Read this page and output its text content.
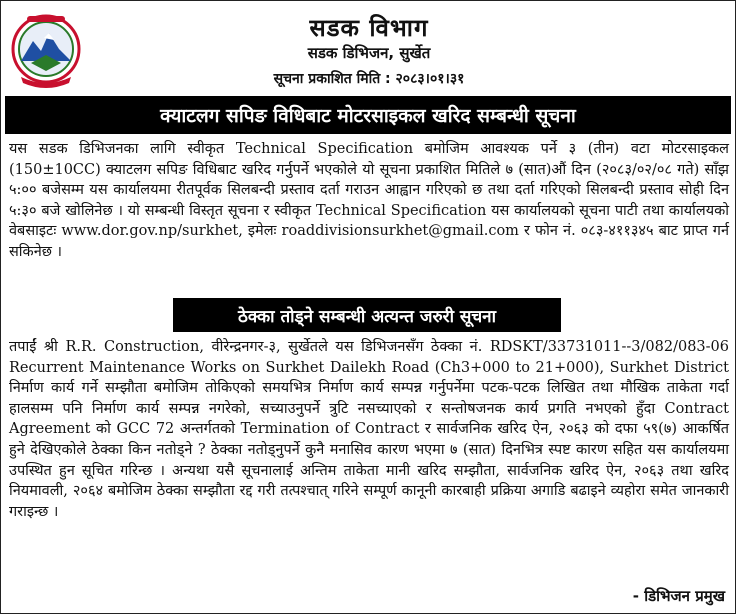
सडक विभाग
सडक डिभिजन, सुर्खेत
सूचना प्रकाशित मिति : २०८३।०१।३१
क्याटलग सपिङ विधिबाट मोटरसाइकल खरिद सम्बन्धी सूचना

यस सडक डिभिजनका लागि स्वीकृत Technical Specification बमोजिम आवश्यक पर्ने ३ (तीन) वटा मोटरसाइकल (150±10CC) क्याटलग सपिङ विधिबाट खरिद गर्नुपर्ने भएकोले यो सूचना प्रकाशित मितिले ७ (सात)औं दिन (२०८३/०२/०८ गते) साँझ ५:०० बजेसम्म यस कार्यालयमा रीतपूर्वक सिलबन्दी प्रस्ताव दर्ता गराउन आह्वान गरिएको छ तथा दर्ता गरिएको सिलबन्दी प्रस्ताव सोही दिन ५:३० बजे खोलिनेछ । यो सम्बन्धी विस्तृत सूचना र स्वीकृत Technical Specification यस कार्यालयको सूचना पाटी तथा कार्यालयको वेबसाइटः www.dor.gov.np/surkhet, इमेलः roaddivisionsurkhet@gmail.com र फोन नं. ०८३-४११३४५ बाट प्राप्त गर्न सकिनेछ ।

ठेक्का तोड्ने सम्बन्धी अत्यन्त जरुरी सूचना

तपाईं श्री R.R. Construction, वीरेन्द्रनगर-३, सुर्खेतले यस डिभिजनसँग ठेक्का नं. RDSKT/33731011--3/082/083-06 Recurrent Maintenance Works on Surkhet Dailekh Road (Ch3+000 to 21+000), Surkhet District निर्माण कार्य गर्ने सम्झौता बमोजिम तोकिएको समयभित्र निर्माण कार्य सम्पन्न गर्नुपर्नेमा पटक-पटक लिखित तथा मौखिक ताकेता गर्दा हालसम्म पनि निर्माण कार्य सम्पन्न नगरेको, सच्याउनुपर्ने त्रुटि नसच्याएको र सन्तोषजनक कार्य प्रगति नभएको हुँदा Contract Agreement को GCC 72 अन्तर्गतको Termination of Contract र सार्वजनिक खरिद ऐन, २०६३ को दफा ५९(७) आकर्षित हुने देखिएकोले ठेक्का किन नतोड्ने ? ठेक्का नतोड्नुपर्ने कुनै मनासिव कारण भएमा ७ (सात) दिनभित्र स्पष्ट कारण सहित यस कार्यालयमा उपस्थित हुन सूचित गरिन्छ । अन्यथा यसै सूचनालाई अन्तिम ताकेता मानी खरिद सम्झौता, सार्वजनिक खरिद ऐन, २०६३ तथा खरिद नियमावली, २०६४ बमोजिम ठेक्का सम्झौता रद्द गरी तत्पश्चात् गरिने सम्पूर्ण कानूनी कारबाही प्रक्रिया अगाडि बढाइने व्यहोरा समेत जानकारी गराइन्छ ।

- डिभिजन प्रमुख
